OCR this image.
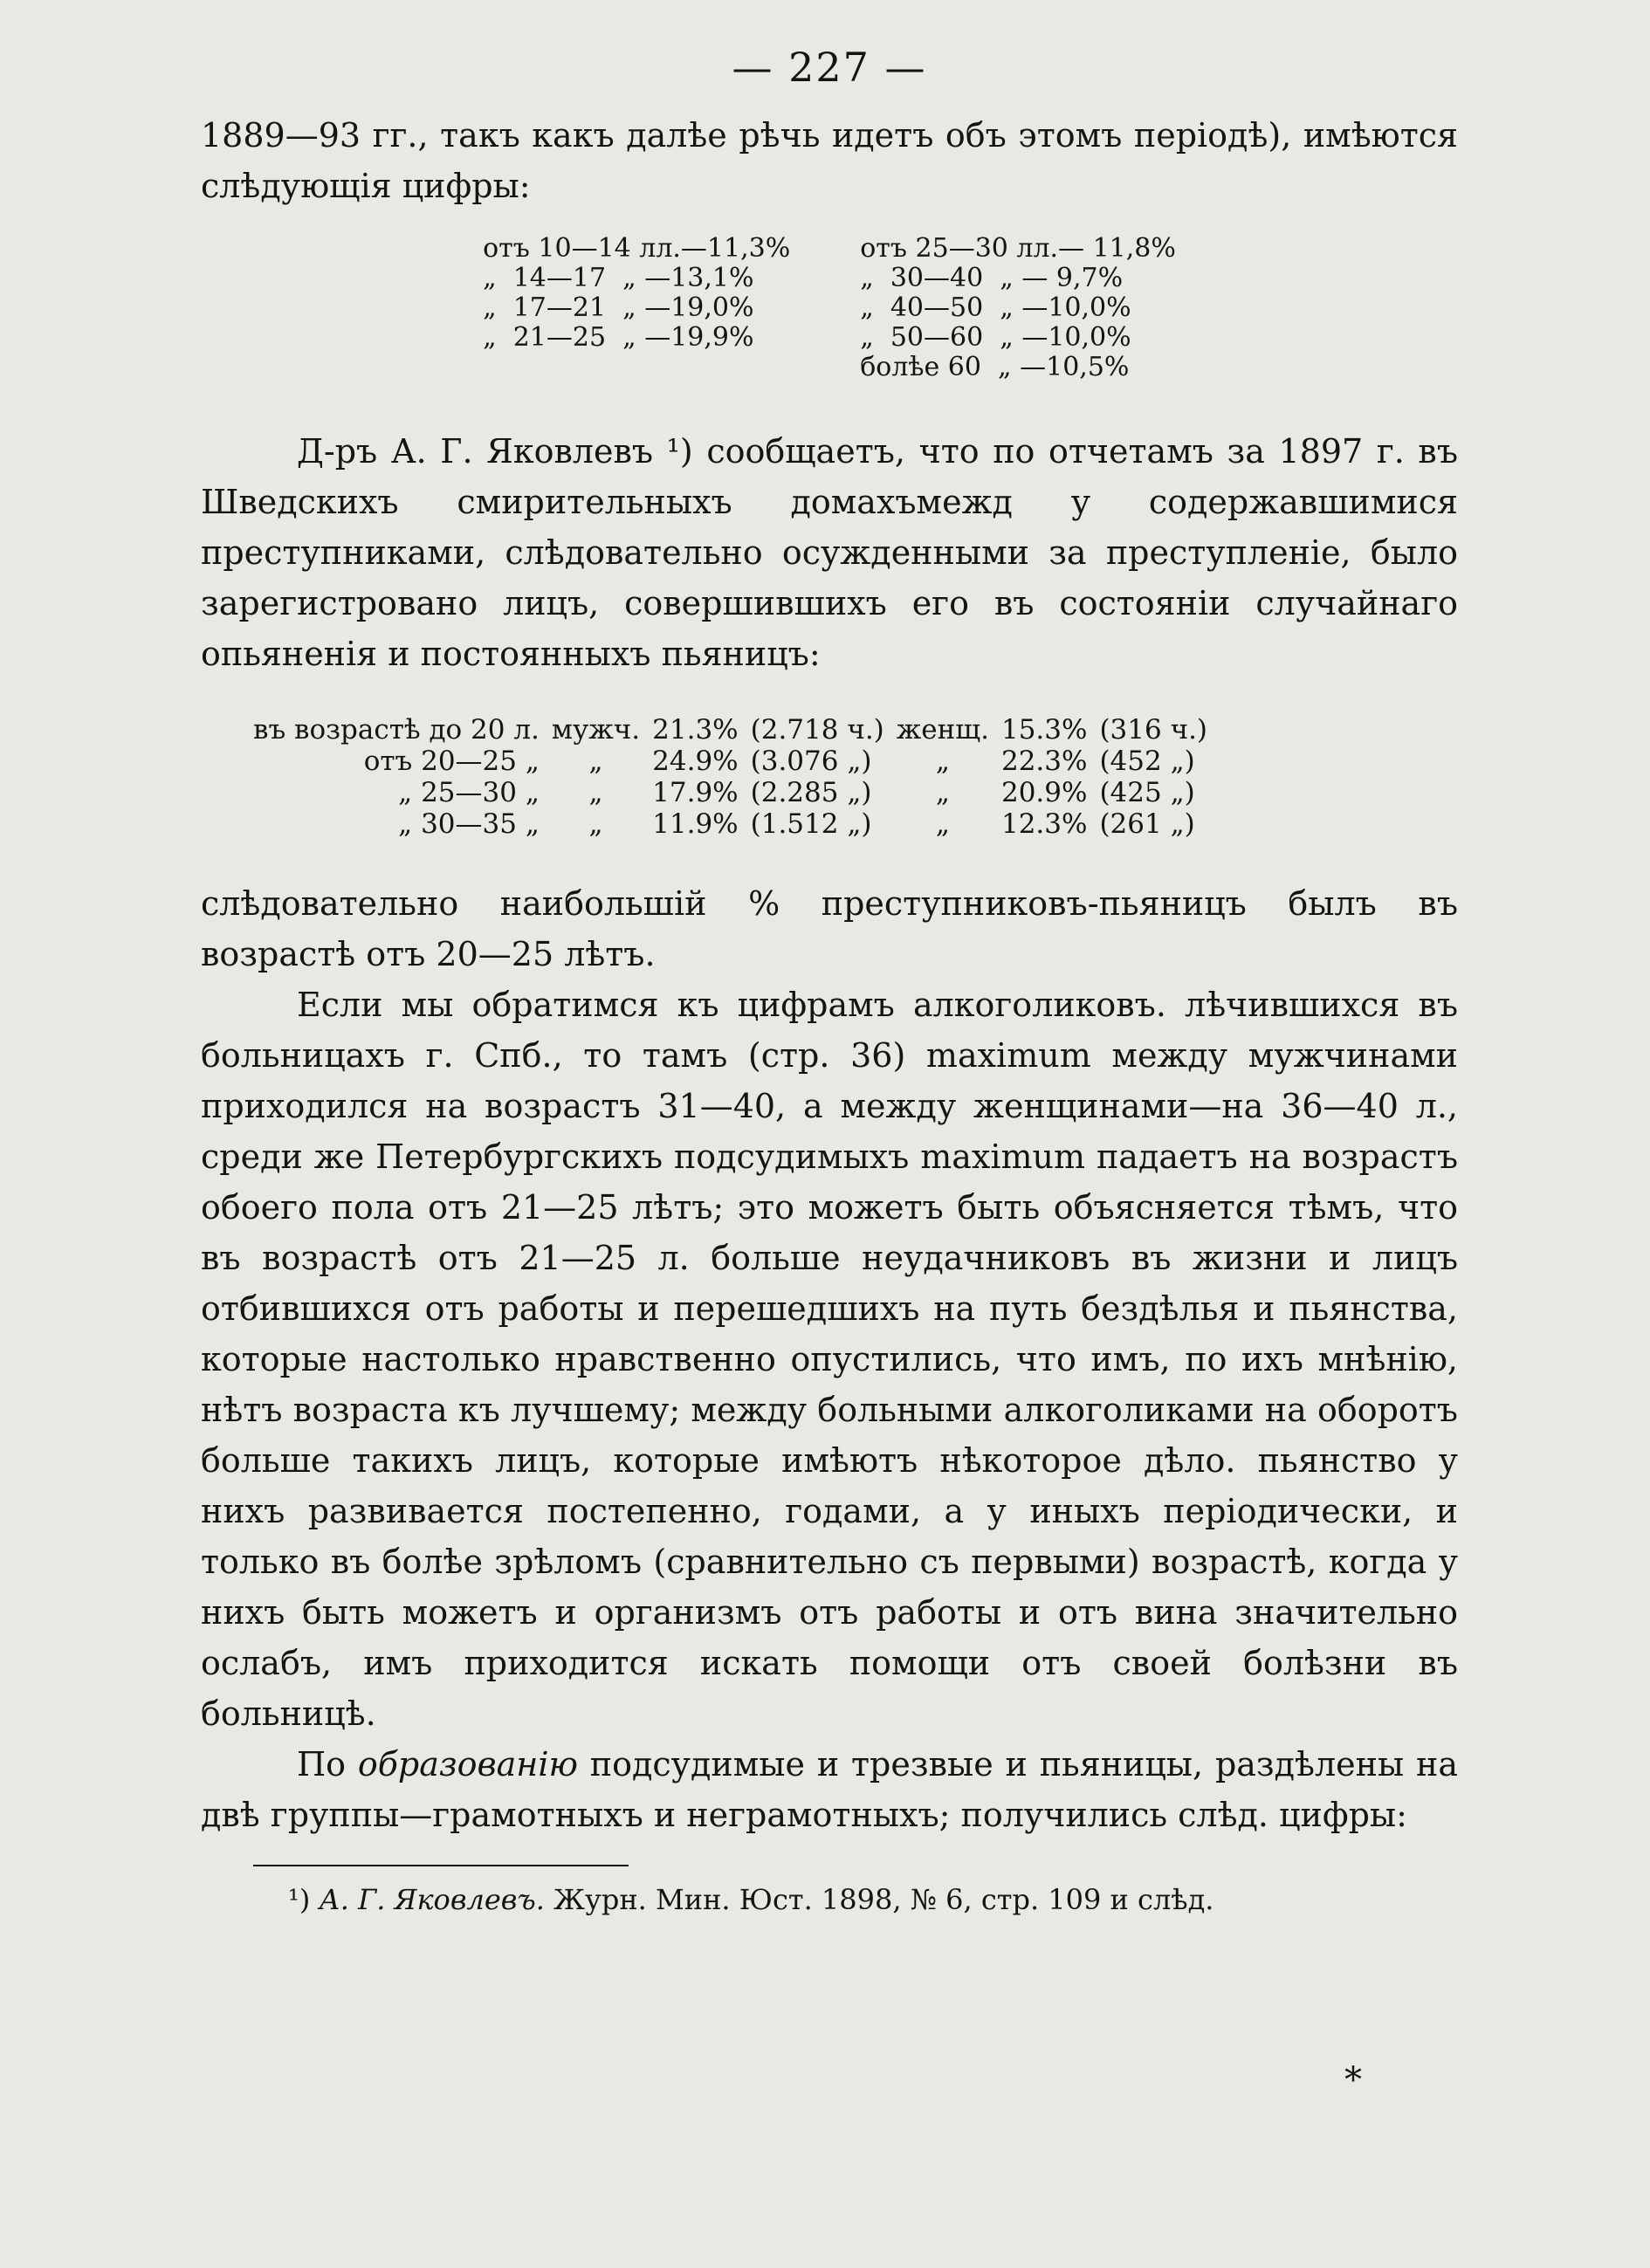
— 227 —

1889—93 гг., такъ какъ далѣе рѣчь идетъ объ этомъ періодѣ), имѣются слѣдующія цифры:

отъ 10—14 лл.—11,3%
„  14—17  „ —13,1%
„  17—21  „ —19,0%
„  21—25  „ —19,9%
отъ 25—30 лл.— 11,8%
„  30—40  „ — 9,7%
„  40—50  „ —10,0%
„  50—60  „ —10,0%
болѣе 60  „ —10,5%

Д-ръ А. Г. Яковлевъ ¹) сообщаетъ, что по отчетамъ за 1897 г. въ Шведскихъ смирительныхъ домахъмежд у содержавшимися преступниками, слѣдовательно осужденными за преступленіе, было зарегистровано лицъ, совершившихъ его въ состояніи случайнаго опьяненія и постоянныхъ пьяницъ:

въ возрастѣ до 20 л.	мужч.	21.3%	(2.718 ч.)	женщ.	15.3%	(316 ч.)
отъ 20—25 „	„	24.9%	(3.076 „)	„	22.3%	(452 „)
„ 25—30 „	„	17.9%	(2.285 „)	„	20.9%	(425 „)
„ 30—35 „	„	11.9%	(1.512 „)	„	12.3%	(261 „)

слѣдовательно наибольшій % преступниковъ-пьяницъ былъ въ возрастѣ отъ 20—25 лѣтъ.

Если мы обратимся къ цифрамъ алкоголиковъ. лѣчившихся въ больницахъ г. Спб., то тамъ (стр. 36) maximum между мужчинами приходился на возрастъ 31—40, а между женщинами—на 36—40 л., среди же Петербургскихъ подсудимыхъ maximum падаетъ на возрастъ обоего пола отъ 21—25 лѣтъ; это можетъ быть объясняется тѣмъ, что въ возрастѣ отъ 21—25 л. больше неудачниковъ въ жизни и лицъ отбившихся отъ работы и перешедшихъ на путь бездѣлья и пьянства, которые настолько нравственно опустились, что имъ, по ихъ мнѣнію, нѣтъ возраста къ лучшему; между больными алкоголиками на оборотъ больше такихъ лицъ, которые имѣютъ нѣкоторое дѣло. пьянство у нихъ развивается постепенно, годами, а у иныхъ періодически, и только въ болѣе зрѣломъ (сравнительно съ первыми) возрастѣ, когда у нихъ быть можетъ и организмъ отъ работы и отъ вина значительно ослабъ, имъ приходится искать помощи отъ своей болѣзни въ больницѣ.

По образованію подсудимые и трезвые и пьяницы, раздѣлены на двѣ группы—грамотныхъ и неграмотныхъ; получились слѣд. цифры:

¹) А. Г. Яковлевъ. Журн. Мин. Юст. 1898, № 6, стр. 109 и слѣд.
*
